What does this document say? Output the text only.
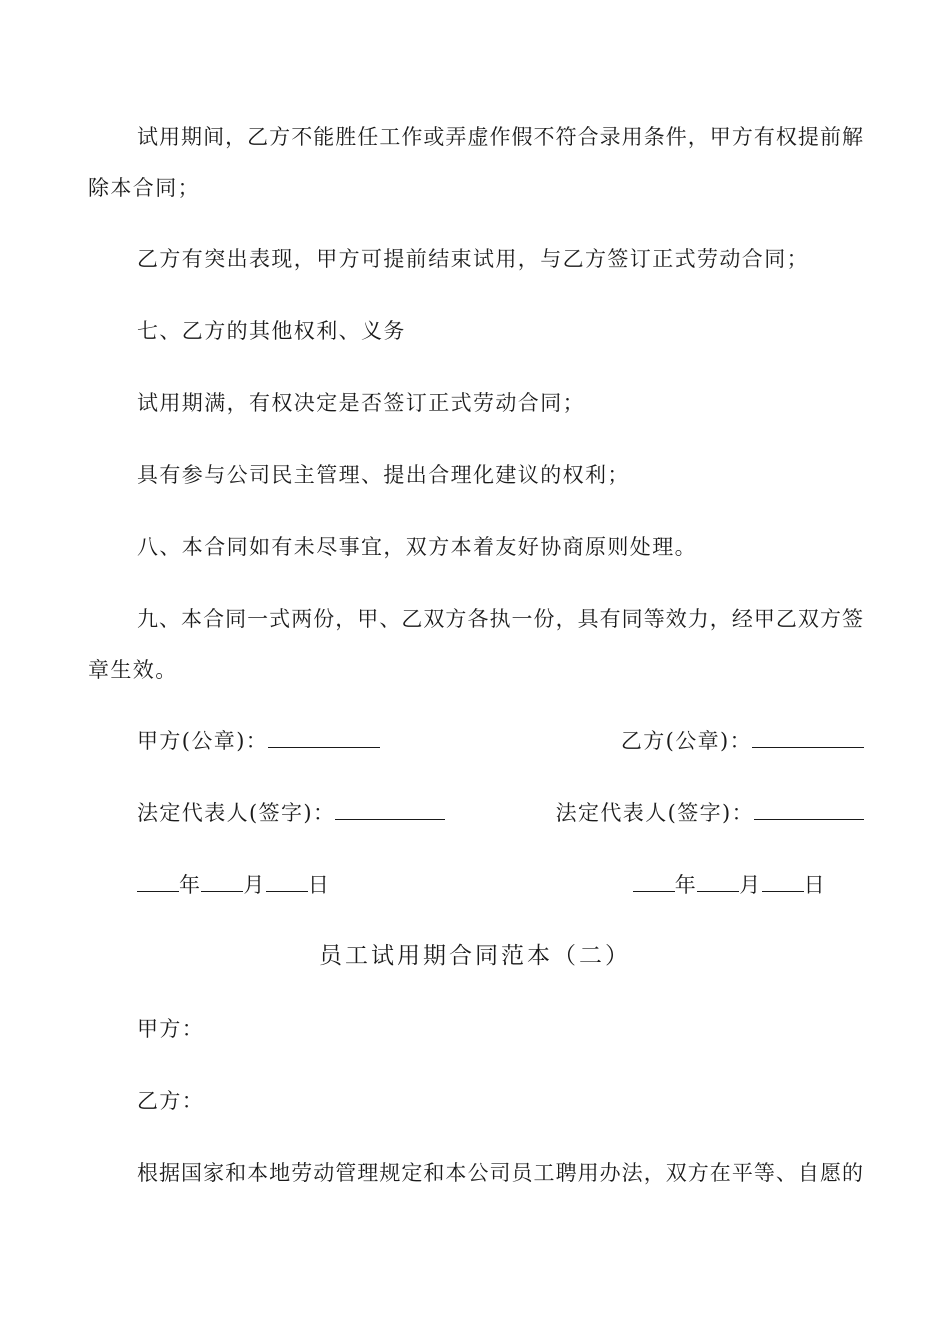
试用期间，乙方不能胜任工作或弄虚作假不符合录用条件，甲方有权提前解
除本合同；
乙方有突出表现，甲方可提前结束试用，与乙方签订正式劳动合同；
七、乙方的其他权利、义务
试用期满，有权决定是否签订正式劳动合同；
具有参与公司民主管理、提出合理化建议的权利；
八、本合同如有未尽事宜，双方本着友好协商原则处理。
九、本合同一式两份，甲、乙双方各执一份，具有同等效力，经甲乙双方签
章生效。
甲方(公章)：	乙方(公章)：
法定代表人(签字)：	法定代表人(签字)：
年 月 日	年 月 日
员工试用期合同范本（二）
甲方：
乙方：
根据国家和本地劳动管理规定和本公司员工聘用办法，双方在平等、自愿的
